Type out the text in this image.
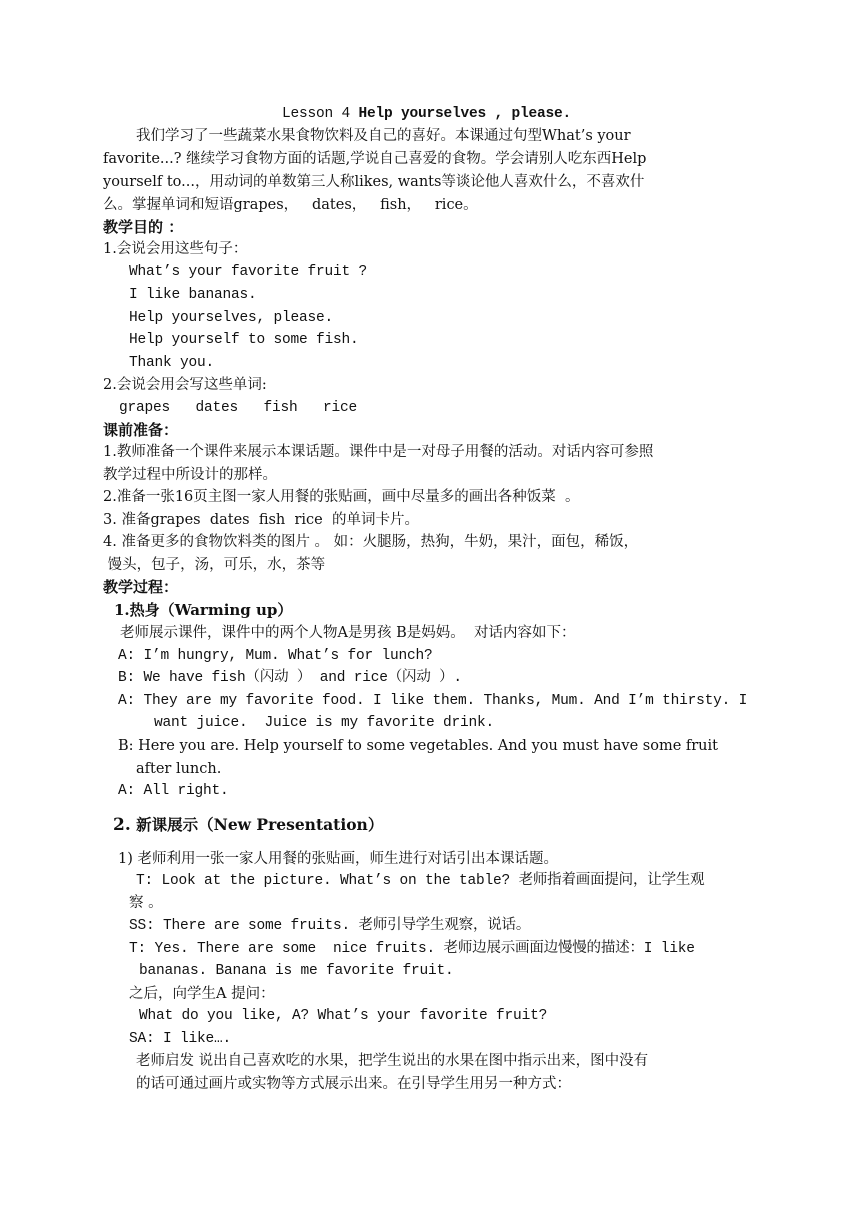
Lesson 4 Help yourselves , please.
我们学习了一些蔬菜水果食物饮料及自己的喜好。本课通过句型What’s your
favorite...? 继续学习食物方面的话题,学说自己喜爱的食物。学会请别人吃东西Help
yourself to...，用动词的单数第三人称likes, wants等谈论他人喜欢什么，不喜欢什
么。掌握单词和短语grapes，   dates，   fish，   rice。
教学目的 ：
1.会说会用这些句子：
What’s your favorite fruit ?
I like bananas.
Help yourselves, please.
Help yourself to some fish.
Thank you.
2.会说会用会写这些单词:
grapes   dates   fish   rice
课前准备：
1.教师准备一个课件来展示本课话题。课件中是一对母子用餐的活动。对话内容可参照
教学过程中所设计的那样。
2.准备一张16页主图一家人用餐的张贴画，画中尽量多的画出各种饭菜  。
3. 准备grapes  dates  fish  rice  的单词卡片。
4. 准备更多的食物饮料类的图片 。 如：火腿肠，热狗，牛奶，果汁，面包，稀饭，
馒头，包子，汤，可乐，水，茶等
教学过程：
1.热身（Warming up）
老师展示课件，课件中的两个人物A是男孩 B是妈妈。  对话内容如下：
A: I’m hungry, Mum. What’s for lunch?
B: We have fish（闪动 ） and rice（闪动 ）.
A: They are my favorite food. I like them. Thanks, Mum. And I’m thirsty. I
want juice.  Juice is my favorite drink.
B: Here you are. Help yourself to some vegetables. And you must have some fruit
after lunch.
A: All right.
2. 新课展示（New Presentation）
1) 老师利用一张一家人用餐的张贴画，师生进行对话引出本课话题。
T: Look at the picture. What’s on the table? 老师指着画面提问，让学生观
察 。
SS: There are some fruits. 老师引导学生观察，说话。
T: Yes. There are some  nice fruits. 老师边展示画面边慢慢的描述：I like
bananas. Banana is me favorite fruit.
之后，向学生A 提问：
What do you like, A? What’s your favorite fruit?
SA: I like….
老师启发 说出自己喜欢吃的水果，把学生说出的水果在图中指示出来，图中没有
的话可通过画片或实物等方式展示出来。在引导学生用另一种方式：
